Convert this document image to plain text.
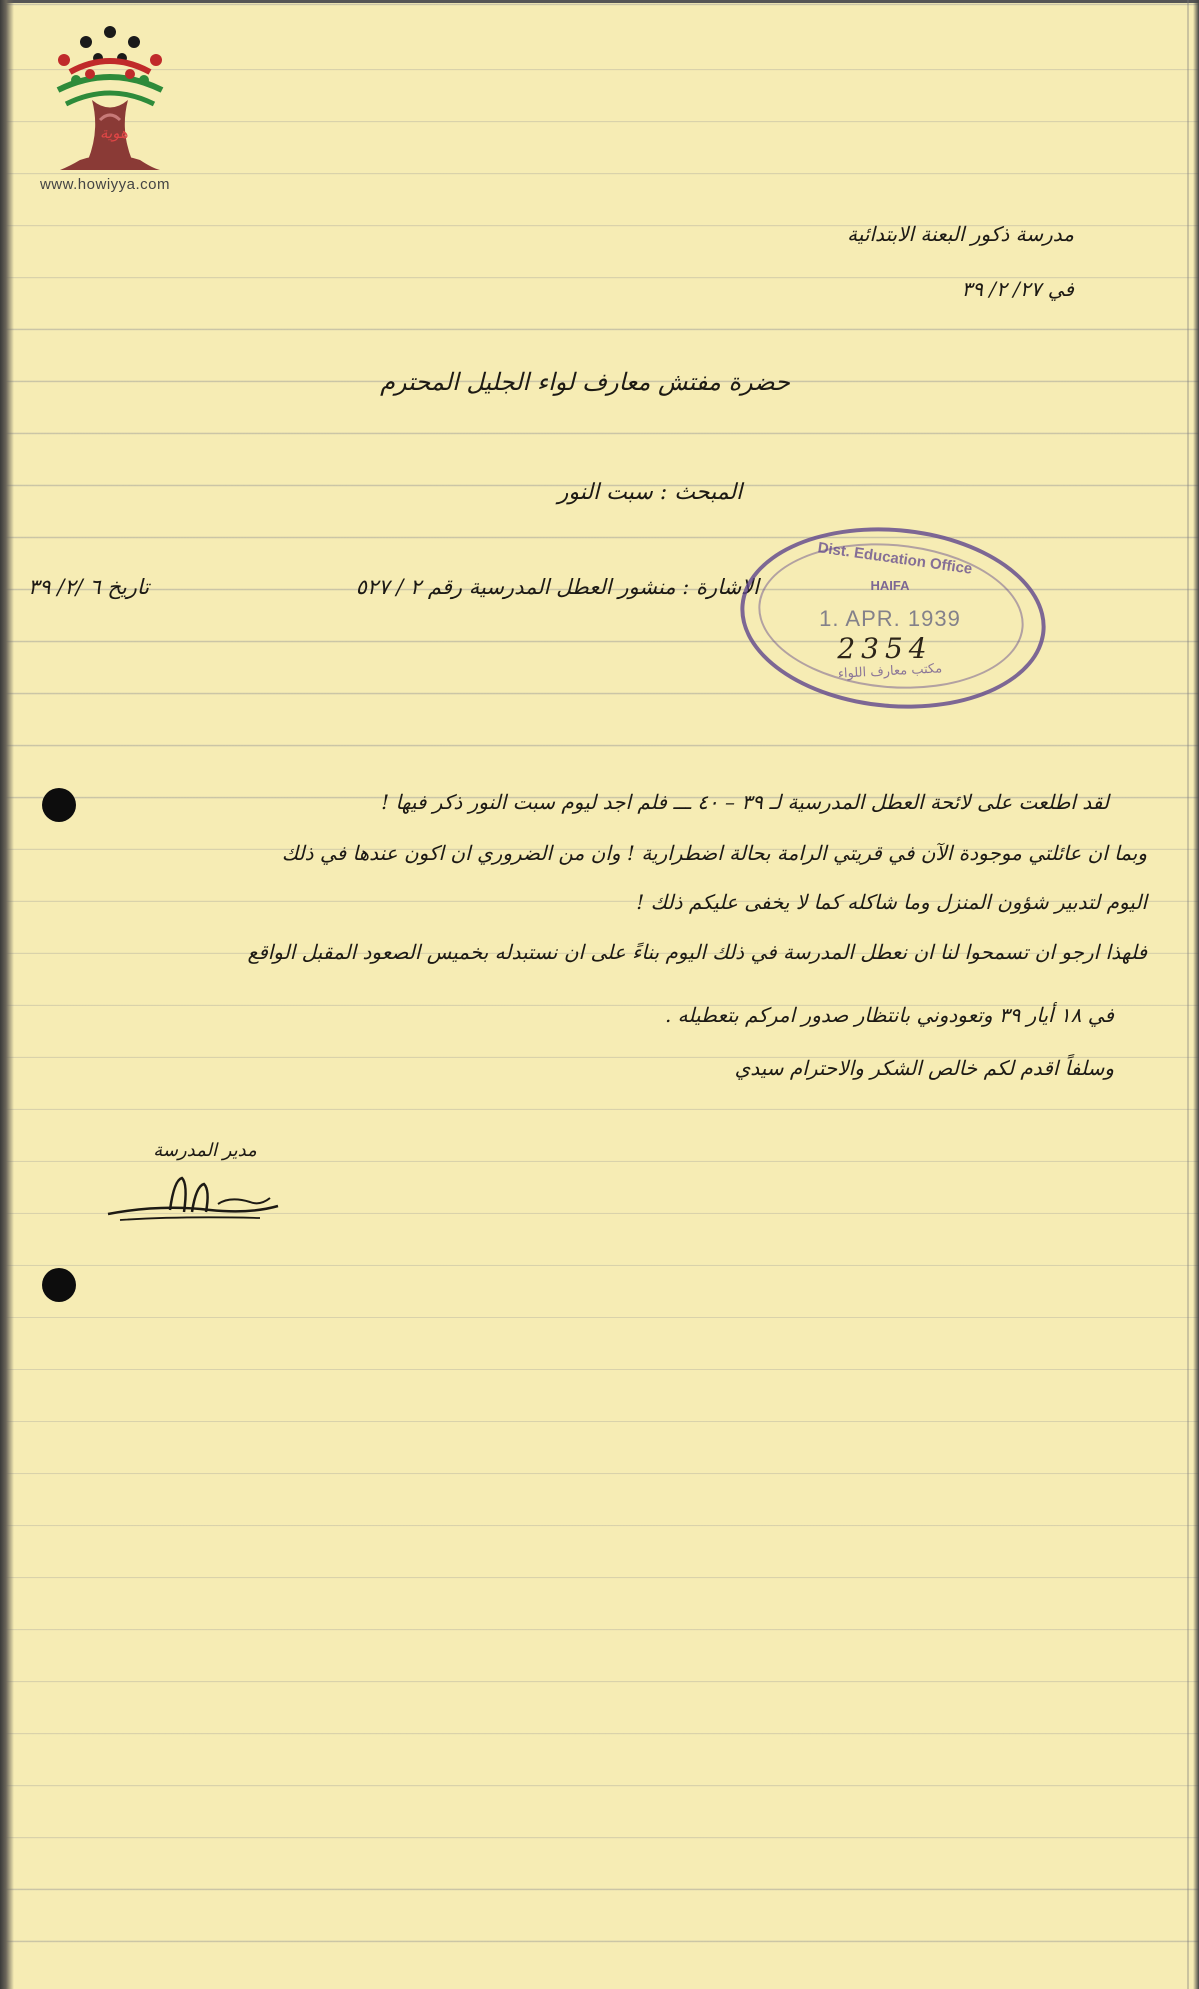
هوية
www.howiyya.com
مدرسة ذكور البعنة الابتدائية
في ٢٧/ ٢/ ٣٩
حضرة مفتش معارف لواء الجليل المحترم
المبحث : سبت النور
الاشارة : منشور العطل المدرسية رقم ٢ / ٥٢٧
تاريخ ٦ /٢/ ٣٩
Dist. Education Office
HAIFA
1. APR. 1939
2354
مكتب معارف اللواء
لقد اطلعت على لائحة العطل المدرسية لـ ٣٩ – ٤٠ ـــ فلم اجد ليوم سبت النور ذكر فيها !
وبما ان عائلتي موجودة الآن في قريتي الرامة بحالة اضطرارية ! وان من الضروري ان اكون عندها في ذلك
اليوم لتدبير شؤون المنزل وما شاكله كما لا يخفى عليكم ذلك !
فلهذا ارجو ان تسمحوا لنا ان نعطل المدرسة في ذلك اليوم بناءً على ان نستبدله بخميس الصعود المقبل الواقع
في ١٨ أيار ٣٩ وتعودوني بانتظار صدور امركم بتعطيله .
وسلفاً اقدم لكم خالص الشكر والاحترام سيدي
مدير المدرسة
